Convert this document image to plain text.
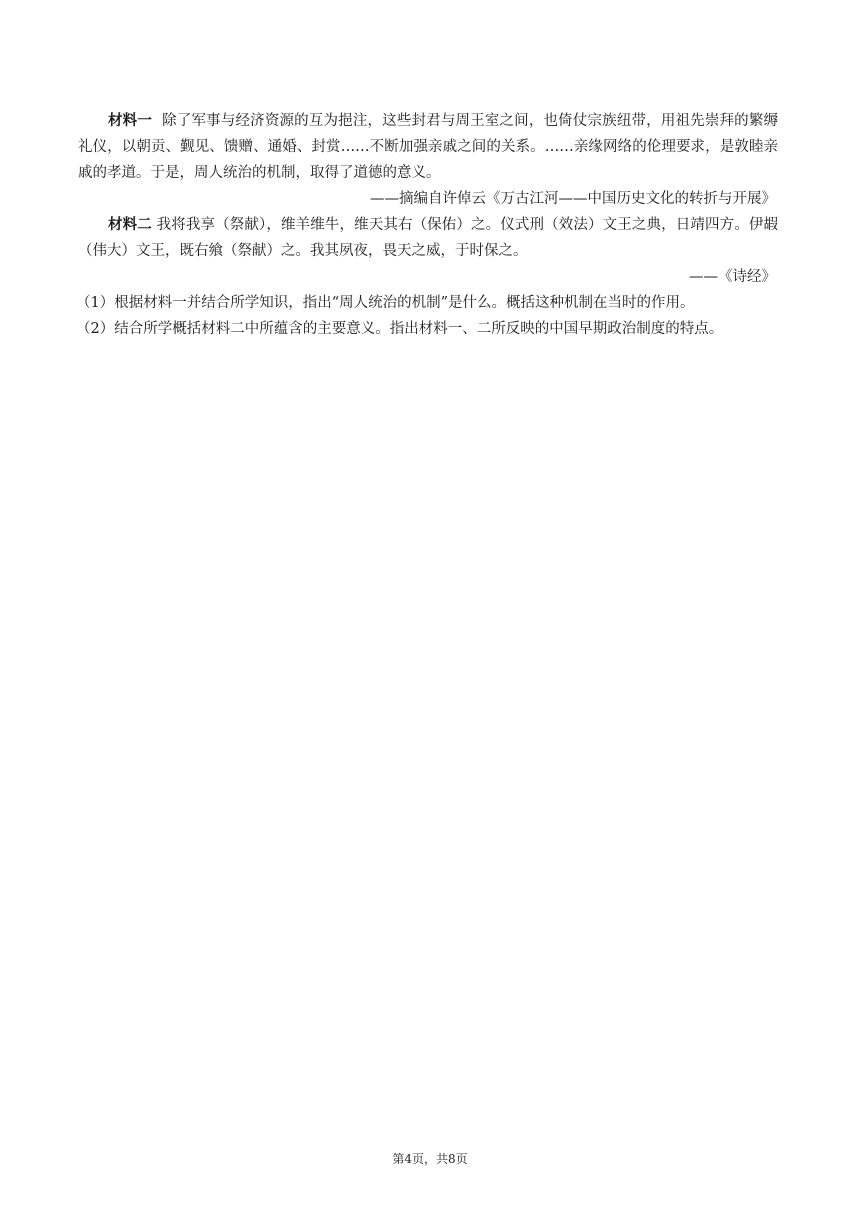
材料一 除了军事与经济资源的互为挹注，这些封君与周王室之间，也倚仗宗族纽带，用祖先崇拜的繁缛礼仪，以朝贡、觐见、馈赠、通婚、封赏……不断加强亲戚之间的关系。……亲缘网络的伦理要求，是敦睦亲戚的孝道。于是，周人统治的机制，取得了道德的意义。

——摘编自许倬云《万古江河——中国历史文化的转折与开展》

材料二 我将我享（祭献），维羊维牛，维天其右（保佑）之。仪式刑（效法）文王之典，日靖四方。伊嘏（伟大）文王，既右飨（祭献）之。我其夙夜，畏天之威，于时保之。

——《诗经》

（1）根据材料一并结合所学知识，指出“周人统治的机制”是什么。概括这种机制在当时的作用。

（2）结合所学概括材料二中所蕴含的主要意义。指出材料一、二所反映的中国早期政治制度的特点。

第4页，共8页
